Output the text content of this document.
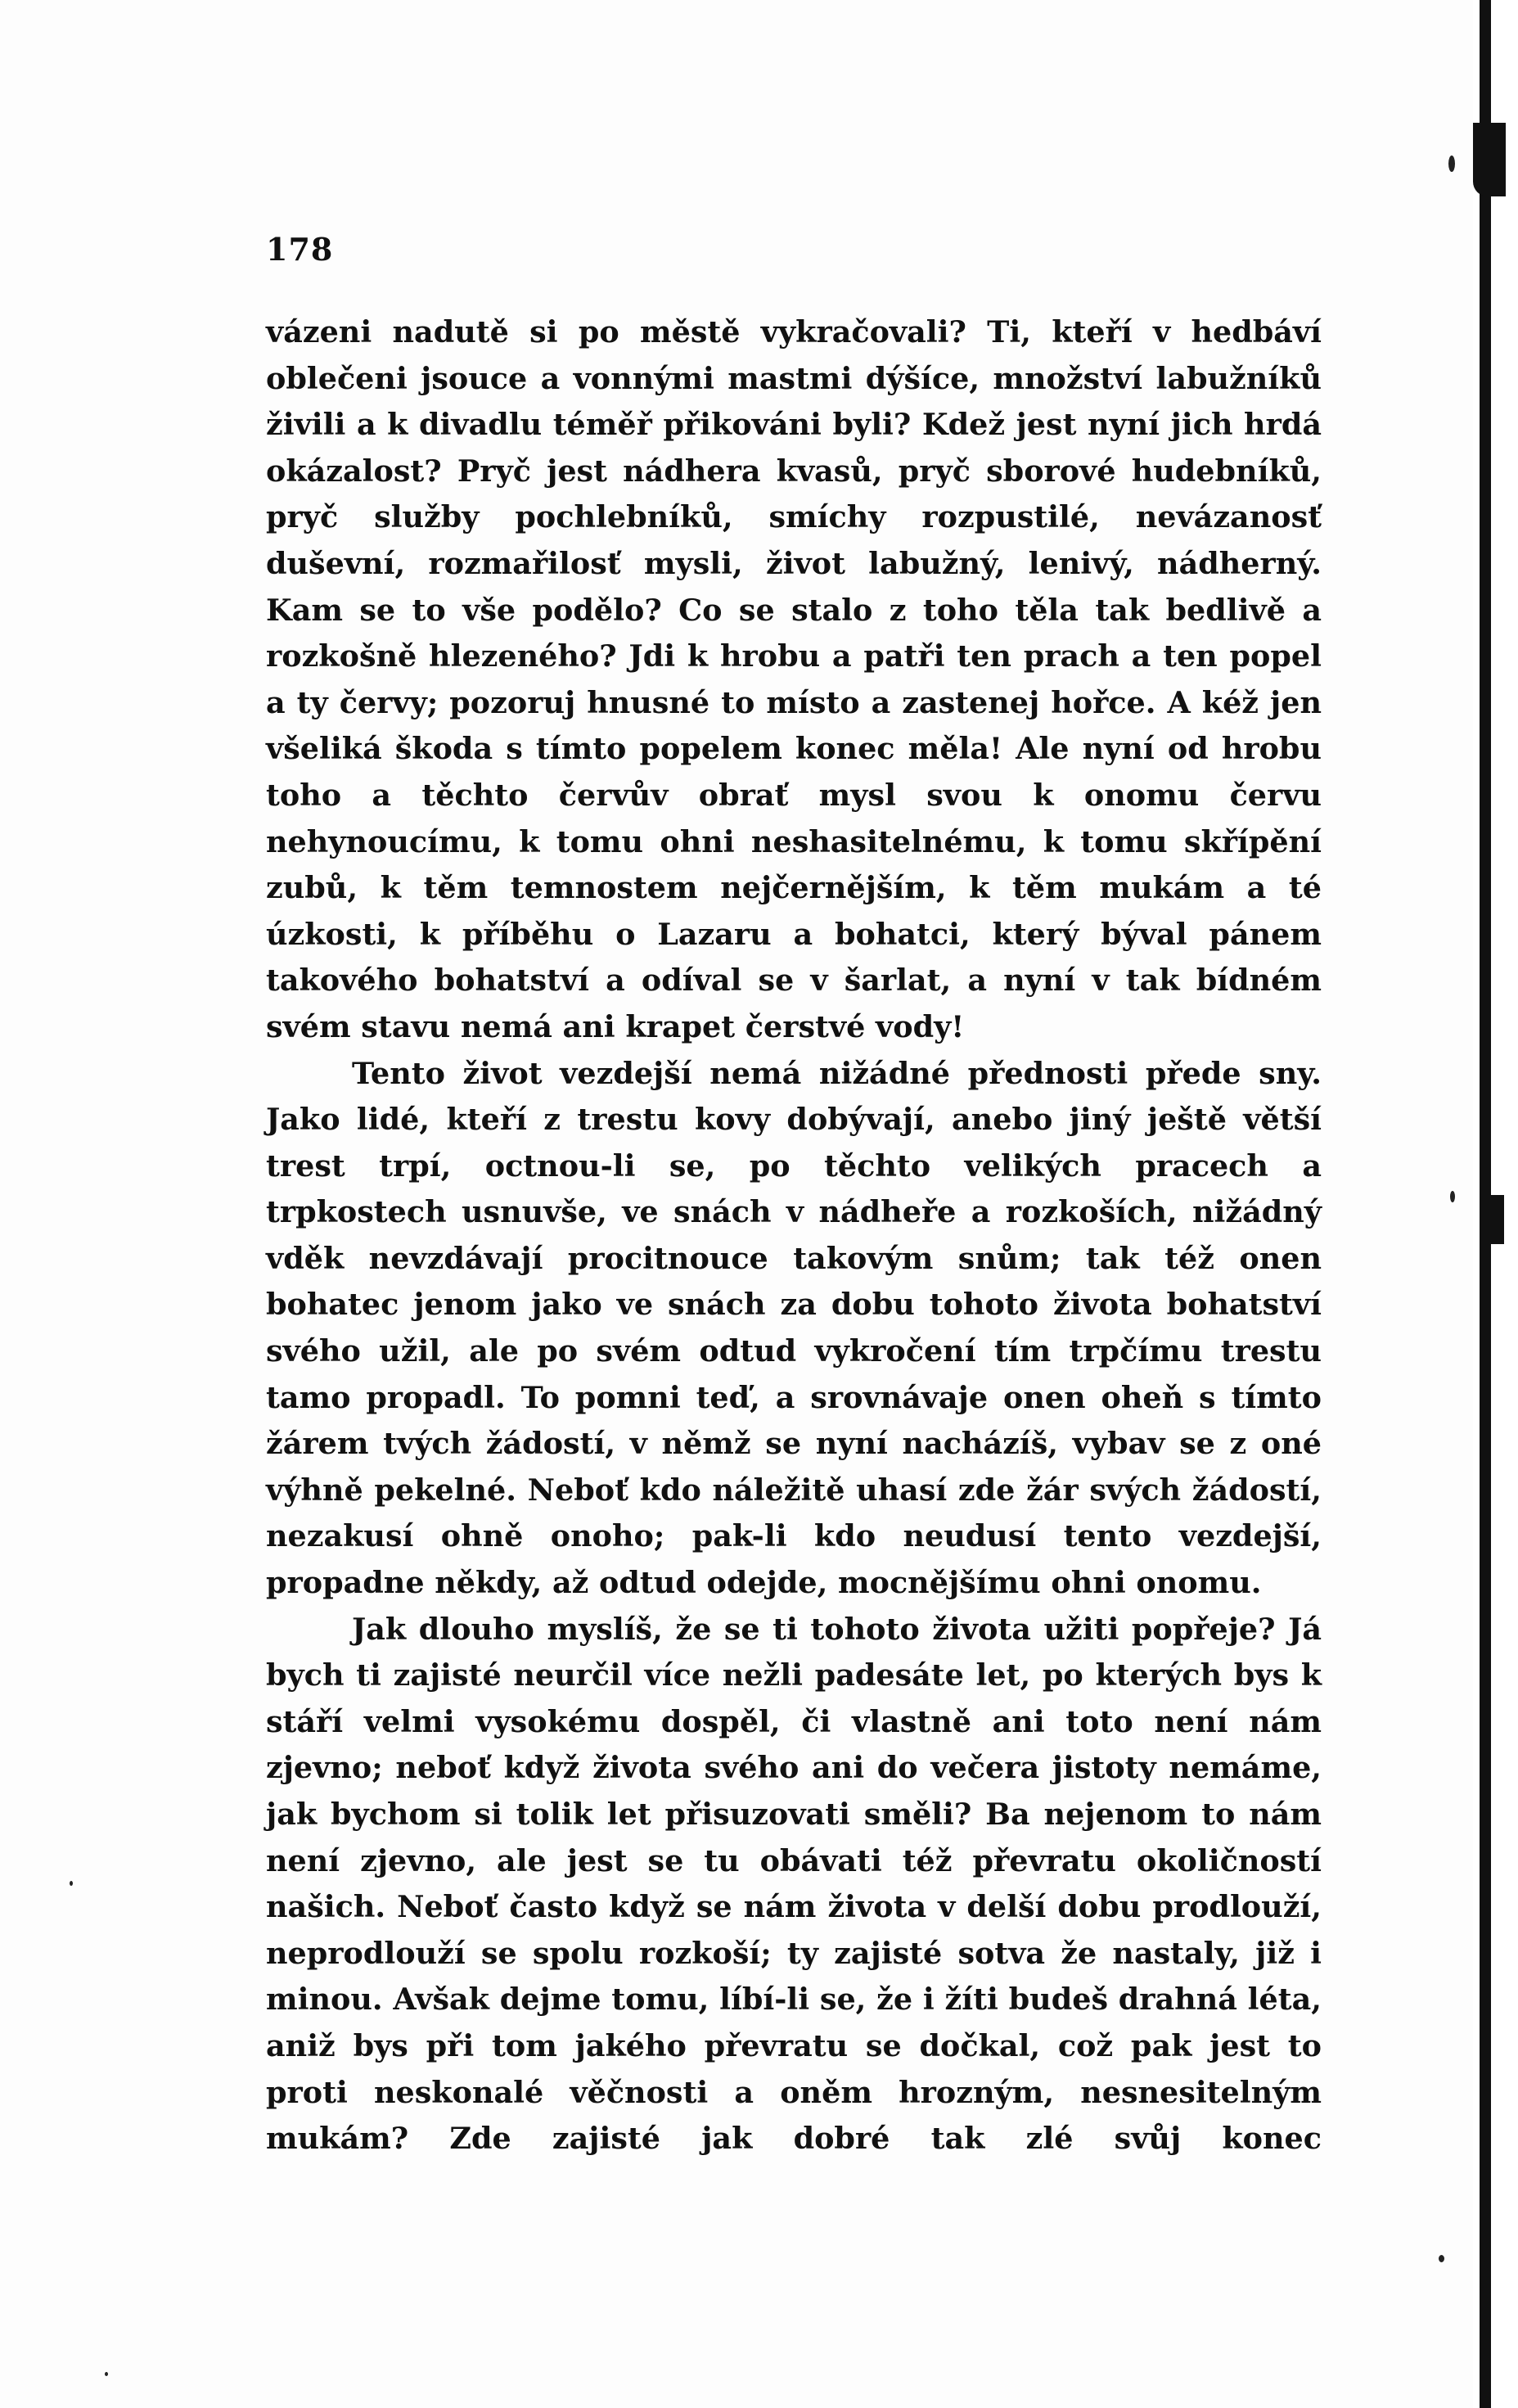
178

vázeni nadutě si po městě vykračovali? Ti, kteří v hedbáví oblečeni jsouce a vonnými mastmi dýšíce, množství labužníků živili a k divadlu téměř přikováni byli? Kdež jest nyní jich hrdá okázalost? Pryč jest nádhera kvasů, pryč sborové hudebníků, pryč služby pochlebníků, smíchy rozpustilé, nevázanosť duševní, rozmařilosť mysli, život labužný, lenivý, nádherný. Kam se to vše podělo? Co se stalo z toho těla tak bedlivě a rozkošně hlezeného? Jdi k hrobu a patři ten prach a ten popel a ty červy; pozoruj hnusné to místo a zastenej hořce. A kéž jen všeliká škoda s tímto popelem konec měla! Ale nyní od hrobu toho a těchto červův obrať mysl svou k onomu červu nehynoucímu, k tomu ohni neshasitelnému, k tomu skřípění zubů, k těm temnostem nejčernějším, k těm mukám a té úzkosti, k příběhu o Lazaru a bohatci, který býval pánem takového bohatství a odíval se v šarlat, a nyní v tak bídném svém stavu nemá ani krapet čerstvé vody!

Tento život vezdejší nemá nižádné přednosti přede sny. Jako lidé, kteří z trestu kovy dobývají, anebo jiný ještě větší trest trpí, octnou-li se, po těchto velikých pracech a trpkostech usnuvše, ve snách v nádheře a rozkoších, nižádný vděk nevzdávají procitnouce takovým snům; tak též onen bohatec jenom jako ve snách za dobu tohoto života bohatství svého užil, ale po svém odtud vykročení tím trpčímu trestu tamo propadl. To pomni teď, a srovnávaje onen oheň s tímto žárem tvých žádostí, v němž se nyní nacházíš, vybav se z oné výhně pekelné. Neboť kdo náležitě uhasí zde žár svých žádostí, nezakusí ohně onoho; pak-li kdo neudusí tento vezdejší, propadne někdy, až odtud odejde, mocnějšímu ohni onomu.

Jak dlouho myslíš, že se ti tohoto života užiti popřeje? Já bych ti zajisté neurčil více nežli padesáte let, po kterých bys k stáří velmi vysokému dospěl, či vlastně ani toto není nám zjevno; neboť když života svého ani do večera jistoty nemáme, jak bychom si tolik let přisuzovati směli? Ba nejenom to nám není zjevno, ale jest se tu obávati též převratu okoličností našich. Neboť často když se nám života v delší dobu prodlouží, neprodlouží se spolu rozkoší; ty zajisté sotva že nastaly, již i minou. Avšak dejme tomu, líbí-li se, že i žíti budeš drahná léta, aniž bys při tom jakého převratu se dočkal, což pak jest to proti neskonalé věčnosti a oněm hrozným, nesnesitelným mukám? Zde zajisté jak dobré tak zlé svůj konec
